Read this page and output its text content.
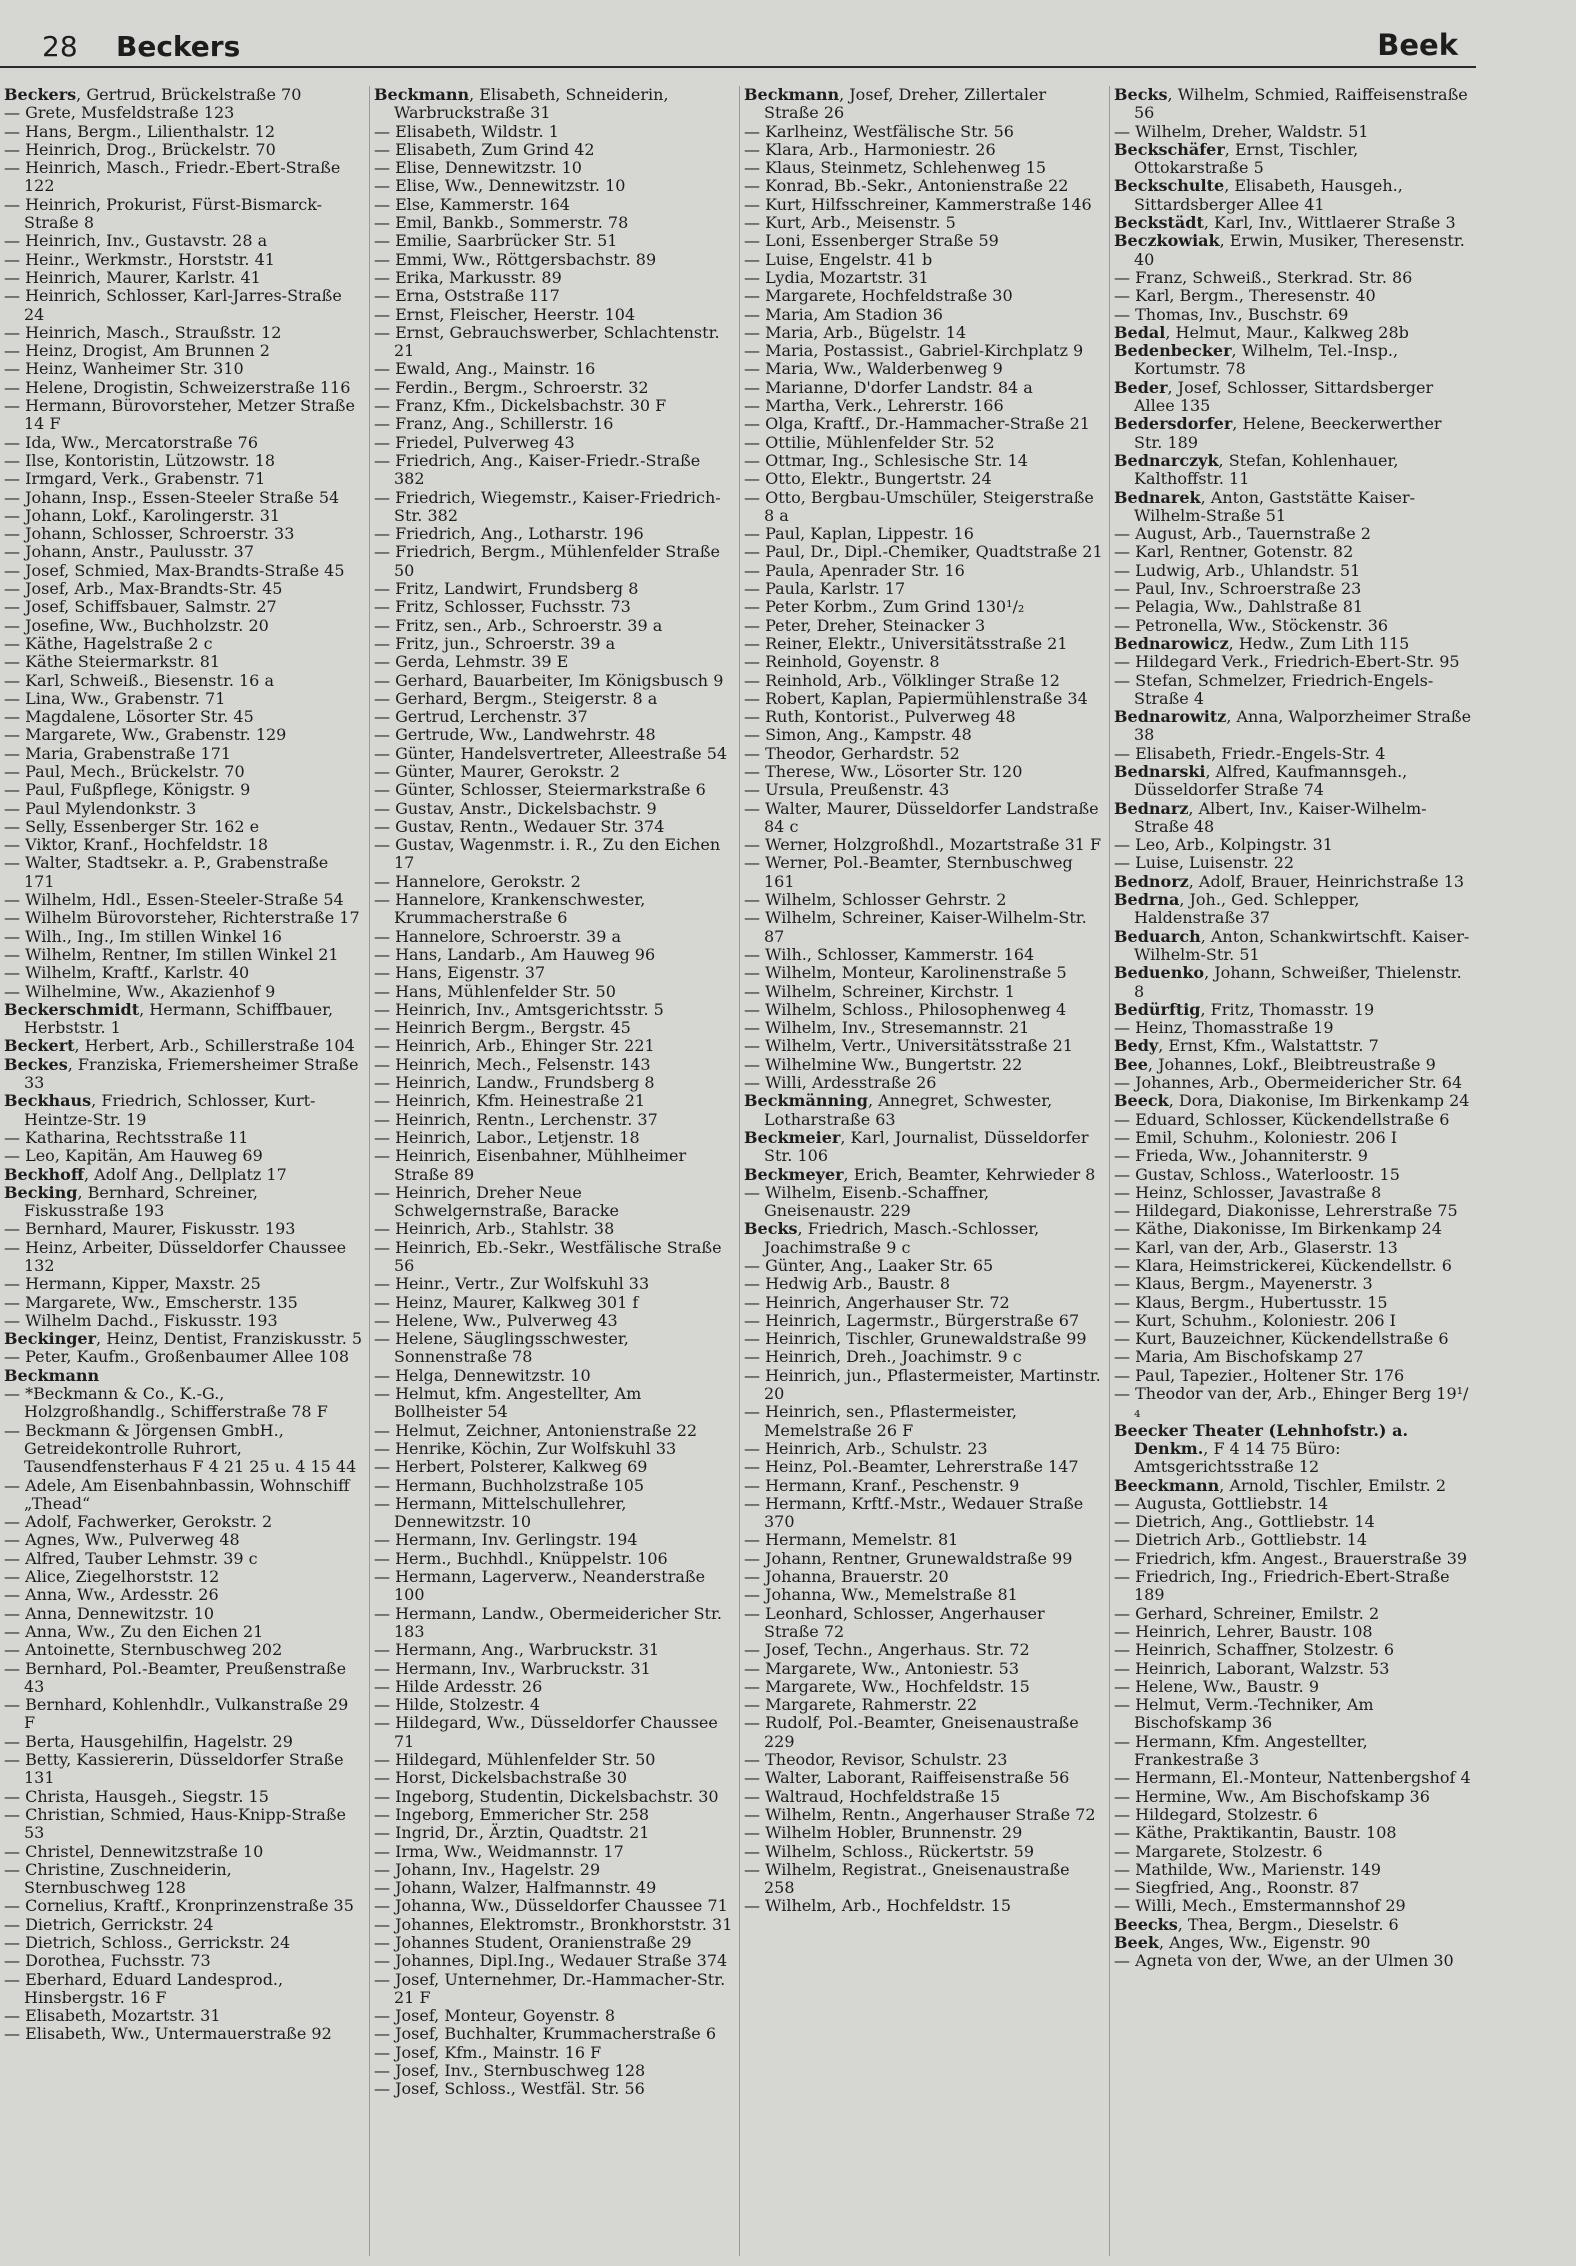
28 Beckers	Beek
Beckers, Gertrud, Brückelstraße 70
— Grete, Musfeldstraße 123
— Hans, Bergm., Lilienthalstr. 12
— Heinrich, Drog., Brückelstr. 70
— Heinrich, Masch., Friedr.-Ebert-Straße 122
— Heinrich, Prokurist, Fürst-Bismarck-Straße 8
— Heinrich, Inv., Gustavstr. 28 a
— Heinr., Werkmstr., Horststr. 41
— Heinrich, Maurer, Karlstr. 41
— Heinrich, Schlosser, Karl-Jarres-Straße 24
— Heinrich, Masch., Straußstr. 12
— Heinz, Drogist, Am Brunnen 2
— Heinz, Wanheimer Str. 310
— Helene, Drogistin, Schweizerstraße 116
— Hermann, Bürovorsteher, Metzer Straße 14 F
— Ida, Ww., Mercatorstraße 76
— Ilse, Kontoristin, Lützowstr. 18
— Irmgard, Verk., Grabenstr. 71
— Johann, Insp., Essen-Steeler Straße 54
— Johann, Lokf., Karolingerstr. 31
— Johann, Schlosser, Schroerstr. 33
— Johann, Anstr., Paulusstr. 37
— Josef, Schmied, Max-Brandts-Straße 45
— Josef, Arb., Max-Brandts-Str. 45
— Josef, Schiffsbauer, Salmstr. 27
— Josefine, Ww., Buchholzstr. 20
— Käthe, Hagelstraße 2 c
— Käthe Steiermarkstr. 81
— Karl, Schweiß., Biesenstr. 16 a
— Lina, Ww., Grabenstr. 71
— Magdalene, Lösorter Str. 45
— Margarete, Ww., Grabenstr. 129
— Maria, Grabenstraße 171
— Paul, Mech., Brückelstr. 70
— Paul, Fußpflege, Königstr. 9
— Paul Mylendonkstr. 3
— Selly, Essenberger Str. 162 e
— Viktor, Kranf., Hochfeldstr. 18
— Walter, Stadtsekr. a. P., Grabenstraße 171
— Wilhelm, Hdl., Essen-Steeler-Straße 54
— Wilhelm Bürovorsteher, Richterstraße 17
— Wilh., Ing., Im stillen Winkel 16
— Wilhelm, Rentner, Im stillen Winkel 21
— Wilhelm, Kraftf., Karlstr. 40
— Wilhelmine, Ww., Akazienhof 9
Beckerschmidt, Hermann, Schiffbauer, Herbststr. 1
Beckert, Herbert, Arb., Schillerstraße 104
Beckes, Franziska, Friemersheimer Straße 33
Beckhaus, Friedrich, Schlosser, Kurt-Heintze-Str. 19
— Katharina, Rechtsstraße 11
— Leo, Kapitän, Am Hauweg 69
Beckhoff, Adolf Ang., Dellplatz 17
Becking, Bernhard, Schreiner, Fiskusstraße 193
— Bernhard, Maurer, Fiskusstr. 193
— Heinz, Arbeiter, Düsseldorfer Chaussee 132
— Hermann, Kipper, Maxstr. 25
— Margarete, Ww., Emscherstr. 135
— Wilhelm Dachd., Fiskusstr. 193
Beckinger, Heinz, Dentist, Franziskusstr. 5
— Peter, Kaufm., Großenbaumer Allee 108
Beckmann
— *Beckmann & Co., K.-G., Holzgroßhandlg., Schifferstraße 78 F
— Beckmann & Jörgensen GmbH., Getreidekontrolle Ruhrort, Tausendfensterhaus F 4 21 25 u. 4 15 44
— Adele, Am Eisenbahnbassin, Wohnschiff „Thead“
— Adolf, Fachwerker, Gerokstr. 2
— Agnes, Ww., Pulverweg 48
— Alfred, Tauber Lehmstr. 39 c
— Alice, Ziegelhorststr. 12
— Anna, Ww., Ardesstr. 26
— Anna, Dennewitzstr. 10
— Anna, Ww., Zu den Eichen 21
— Antoinette, Sternbuschweg 202
— Bernhard, Pol.-Beamter, Preußenstraße 43
— Bernhard, Kohlenhdlr., Vulkanstraße 29 F
— Berta, Hausgehilfin, Hagelstr. 29
— Betty, Kassiererin, Düsseldorfer Straße 131
— Christa, Hausgeh., Siegstr. 15
— Christian, Schmied, Haus-Knipp-Straße 53
— Christel, Dennewitzstraße 10
— Christine, Zuschneiderin, Sternbuschweg 128
— Cornelius, Kraftf., Kronprinzenstraße 35
— Dietrich, Gerrickstr. 24
— Dietrich, Schloss., Gerrickstr. 24
— Dorothea, Fuchsstr. 73
— Eberhard, Eduard Landesprod., Hinsbergstr. 16 F
— Elisabeth, Mozartstr. 31
— Elisabeth, Ww., Untermauerstraße 92
Beckmann, Elisabeth, Schneiderin, Warbruckstraße 31
— Elisabeth, Wildstr. 1
— Elisabeth, Zum Grind 42
— Elise, Dennewitzstr. 10
— Elise, Ww., Dennewitzstr. 10
— Else, Kammerstr. 164
— Emil, Bankb., Sommerstr. 78
— Emilie, Saarbrücker Str. 51
— Emmi, Ww., Röttgersbachstr. 89
— Erika, Markusstr. 89
— Erna, Oststraße 117
— Ernst, Fleischer, Heerstr. 104
— Ernst, Gebrauchswerber, Schlachtenstr. 21
— Ewald, Ang., Mainstr. 16
— Ferdin., Bergm., Schroerstr. 32
— Franz, Kfm., Dickelsbachstr. 30 F
— Franz, Ang., Schillerstr. 16
— Friedel, Pulverweg 43
— Friedrich, Ang., Kaiser-Friedr.-Straße 382
— Friedrich, Wiegemstr., Kaiser-Friedrich-Str. 382
— Friedrich, Ang., Lotharstr. 196
— Friedrich, Bergm., Mühlenfelder Straße 50
— Fritz, Landwirt, Frundsberg 8
— Fritz, Schlosser, Fuchsstr. 73
— Fritz, sen., Arb., Schroerstr. 39 a
— Fritz, jun., Schroerstr. 39 a
— Gerda, Lehmstr. 39 E
— Gerhard, Bauarbeiter, Im Königsbusch 9
— Gerhard, Bergm., Steigerstr. 8 a
— Gertrud, Lerchenstr. 37
— Gertrude, Ww., Landwehrstr. 48
— Günter, Handelsvertreter, Alleestraße 54
— Günter, Maurer, Gerokstr. 2
— Günter, Schlosser, Steiermarkstraße 6
— Gustav, Anstr., Dickelsbachstr. 9
— Gustav, Rentn., Wedauer Str. 374
— Gustav, Wagenmstr. i. R., Zu den Eichen 17
— Hannelore, Gerokstr. 2
— Hannelore, Krankenschwester, Krummacherstraße 6
— Hannelore, Schroerstr. 39 a
— Hans, Landarb., Am Hauweg 96
— Hans, Eigenstr. 37
— Hans, Mühlenfelder Str. 50
— Heinrich, Inv., Amtsgerichtsstr. 5
— Heinrich Bergm., Bergstr. 45
— Heinrich, Arb., Ehinger Str. 221
— Heinrich, Mech., Felsenstr. 143
— Heinrich, Landw., Frundsberg 8
— Heinrich, Kfm. Heinestraße 21
— Heinrich, Rentn., Lerchenstr. 37
— Heinrich, Labor., Letjenstr. 18
— Heinrich, Eisenbahner, Mühlheimer Straße 89
— Heinrich, Dreher Neue Schwelgernstraße, Baracke
— Heinrich, Arb., Stahlstr. 38
— Heinrich, Eb.-Sekr., Westfälische Straße 56
— Heinr., Vertr., Zur Wolfskuhl 33
— Heinz, Maurer, Kalkweg 301 f
— Helene, Ww., Pulverweg 43
— Helene, Säuglingsschwester, Sonnenstraße 78
— Helga, Dennewitzstr. 10
— Helmut, kfm. Angestellter, Am Bollheister 54
— Helmut, Zeichner, Antonienstraße 22
— Henrike, Köchin, Zur Wolfskuhl 33
— Herbert, Polsterer, Kalkweg 69
— Hermann, Buchholzstraße 105
— Hermann, Mittelschullehrer, Dennewitzstr. 10
— Hermann, Inv. Gerlingstr. 194
— Herm., Buchhdl., Knüppelstr. 106
— Hermann, Lagerverw., Neanderstraße 100
— Hermann, Landw., Obermeidericher Str. 183
— Hermann, Ang., Warbruckstr. 31
— Hermann, Inv., Warbruckstr. 31
— Hilde Ardesstr. 26
— Hilde, Stolzestr. 4
— Hildegard, Ww., Düsseldorfer Chaussee 71
— Hildegard, Mühlenfelder Str. 50
— Horst, Dickelsbachstraße 30
— Ingeborg, Studentin, Dickelsbachstr. 30
— Ingeborg, Emmericher Str. 258
— Ingrid, Dr., Ärztin, Quadtstr. 21
— Irma, Ww., Weidmannstr. 17
— Johann, Inv., Hagelstr. 29
— Johann, Walzer, Halfmannstr. 49
— Johanna, Ww., Düsseldorfer Chaussee 71
— Johannes, Elektromstr., Bronkhorststr. 31
— Johannes Student, Oranienstraße 29
— Johannes, Dipl.Ing., Wedauer Straße 374
— Josef, Unternehmer, Dr.-Hammacher-Str. 21 F
— Josef, Monteur, Goyenstr. 8
— Josef, Buchhalter, Krummacherstraße 6
— Josef, Kfm., Mainstr. 16 F
— Josef, Inv., Sternbuschweg 128
— Josef, Schloss., Westfäl. Str. 56
Beckmann, Josef, Dreher, Zillertaler Straße 26
— Karlheinz, Westfälische Str. 56
— Klara, Arb., Harmoniestr. 26
— Klaus, Steinmetz, Schlehenweg 15
— Konrad, Bb.-Sekr., Antonienstraße 22
— Kurt, Hilfsschreiner, Kammerstraße 146
— Kurt, Arb., Meisenstr. 5
— Loni, Essenberger Straße 59
— Luise, Engelstr. 41 b
— Lydia, Mozartstr. 31
— Margarete, Hochfeldstraße 30
— Maria, Am Stadion 36
— Maria, Arb., Bügelstr. 14
— Maria, Postassist., Gabriel-Kirchplatz 9
— Maria, Ww., Walderbenweg 9
— Marianne, D'dorfer Landstr. 84 a
— Martha, Verk., Lehrerstr. 166
— Olga, Kraftf., Dr.-Hammacher-Straße 21
— Ottilie, Mühlenfelder Str. 52
— Ottmar, Ing., Schlesische Str. 14
— Otto, Elektr., Bungertstr. 24
— Otto, Bergbau-Umschüler, Steigerstraße 8 a
— Paul, Kaplan, Lippestr. 16
— Paul, Dr., Dipl.-Chemiker, Quadtstraße 21
— Paula, Apenrader Str. 16
— Paula, Karlstr. 17
— Peter Korbm., Zum Grind 130¹/₂
— Peter, Dreher, Steinacker 3
— Reiner, Elektr., Universitätsstraße 21
— Reinhold, Goyenstr. 8
— Reinhold, Arb., Völklinger Straße 12
— Robert, Kaplan, Papiermühlenstraße 34
— Ruth, Kontorist., Pulverweg 48
— Simon, Ang., Kampstr. 48
— Theodor, Gerhardstr. 52
— Therese, Ww., Lösorter Str. 120
— Ursula, Preußenstr. 43
— Walter, Maurer, Düsseldorfer Landstraße 84 c
— Werner, Holzgroßhdl., Mozartstraße 31 F
— Werner, Pol.-Beamter, Sternbuschweg 161
— Wilhelm, Schlosser Gehrstr. 2
— Wilhelm, Schreiner, Kaiser-Wilhelm-Str. 87
— Wilh., Schlosser, Kammerstr. 164
— Wilhelm, Monteur, Karolinenstraße 5
— Wilhelm, Schreiner, Kirchstr. 1
— Wilhelm, Schloss., Philosophenweg 4
— Wilhelm, Inv., Stresemannstr. 21
— Wilhelm, Vertr., Universitätsstraße 21
— Wilhelmine Ww., Bungertstr. 22
— Willi, Ardesstraße 26
Beckmänning, Annegret, Schwester, Lotharstraße 63
Beckmeier, Karl, Journalist, Düsseldorfer Str. 106
Beckmeyer, Erich, Beamter, Kehrwieder 8
— Wilhelm, Eisenb.-Schaffner, Gneisenaustr. 229
Becks, Friedrich, Masch.-Schlosser, Joachimstraße 9 c
— Günter, Ang., Laaker Str. 65
— Hedwig Arb., Baustr. 8
— Heinrich, Angerhauser Str. 72
— Heinrich, Lagermstr., Bürgerstraße 67
— Heinrich, Tischler, Grunewaldstraße 99
— Heinrich, Dreh., Joachimstr. 9 c
— Heinrich, jun., Pflastermeister, Martinstr. 20
— Heinrich, sen., Pflastermeister, Memelstraße 26 F
— Heinrich, Arb., Schulstr. 23
— Heinz, Pol.-Beamter, Lehrerstraße 147
— Hermann, Kranf., Peschenstr. 9
— Hermann, Krftf.-Mstr., Wedauer Straße 370
— Hermann, Memelstr. 81
— Johann, Rentner, Grunewaldstraße 99
— Johanna, Brauerstr. 20
— Johanna, Ww., Memelstraße 81
— Leonhard, Schlosser, Angerhauser Straße 72
— Josef, Techn., Angerhaus. Str. 72
— Margarete, Ww., Antoniestr. 53
— Margarete, Ww., Hochfeldstr. 15
— Margarete, Rahmerstr. 22
— Rudolf, Pol.-Beamter, Gneisenaustraße 229
— Theodor, Revisor, Schulstr. 23
— Walter, Laborant, Raiffeisenstraße 56
— Waltraud, Hochfeldstraße 15
— Wilhelm, Rentn., Angerhauser Straße 72
— Wilhelm Hobler, Brunnenstr. 29
— Wilhelm, Schloss., Rückertstr. 59
— Wilhelm, Registrat., Gneisenaustraße 258
— Wilhelm, Arb., Hochfeldstr. 15
Becks, Wilhelm, Schmied, Raiffeisenstraße 56
— Wilhelm, Dreher, Waldstr. 51
Beckschäfer, Ernst, Tischler, Ottokarstraße 5
Beckschulte, Elisabeth, Hausgeh., Sittardsberger Allee 41
Beckstädt, Karl, Inv., Wittlaerer Straße 3
Beczkowiak, Erwin, Musiker, Theresenstr. 40
— Franz, Schweiß., Sterkrad. Str. 86
— Karl, Bergm., Theresenstr. 40
— Thomas, Inv., Buschstr. 69
Bedal, Helmut, Maur., Kalkweg 28b
Bedenbecker, Wilhelm, Tel.-Insp., Kortumstr. 78
Beder, Josef, Schlosser, Sittardsberger Allee 135
Bedersdorfer, Helene, Beeckerwerther Str. 189
Bednarczyk, Stefan, Kohlenhauer, Kalthoffstr. 11
Bednarek, Anton, Gaststätte Kaiser-Wilhelm-Straße 51
— August, Arb., Tauernstraße 2
— Karl, Rentner, Gotenstr. 82
— Ludwig, Arb., Uhlandstr. 51
— Paul, Inv., Schroerstraße 23
— Pelagia, Ww., Dahlstraße 81
— Petronella, Ww., Stöckenstr. 36
Bednarowicz, Hedw., Zum Lith 115
— Hildegard Verk., Friedrich-Ebert-Str. 95
— Stefan, Schmelzer, Friedrich-Engels-Straße 4
Bednarowitz, Anna, Walporzheimer Straße 38
— Elisabeth, Friedr.-Engels-Str. 4
Bednarski, Alfred, Kaufmannsgeh., Düsseldorfer Straße 74
Bednarz, Albert, Inv., Kaiser-Wilhelm-Straße 48
— Leo, Arb., Kolpingstr. 31
— Luise, Luisenstr. 22
Bednorz, Adolf, Brauer, Heinrichstraße 13
Bedrna, Joh., Ged. Schlepper, Haldenstraße 37
Beduarch, Anton, Schankwirtschft. Kaiser-Wilhelm-Str. 51
Beduenko, Johann, Schweißer, Thielenstr. 8
Bedürftig, Fritz, Thomasstr. 19
— Heinz, Thomasstraße 19
Bedy, Ernst, Kfm., Walstattstr. 7
Bee, Johannes, Lokf., Bleibtreustraße 9
— Johannes, Arb., Obermeidericher Str. 64
Beeck, Dora, Diakonise, Im Birkenkamp 24
— Eduard, Schlosser, Kückendellstraße 6
— Emil, Schuhm., Koloniestr. 206 I
— Frieda, Ww., Johanniterstr. 9
— Gustav, Schloss., Waterloostr. 15
— Heinz, Schlosser, Javastraße 8
— Hildegard, Diakonisse, Lehrerstraße 75
— Käthe, Diakonisse, Im Birkenkamp 24
— Karl, van der, Arb., Glaserstr. 13
— Klara, Heimstrickerei, Kückendellstr. 6
— Klaus, Bergm., Mayenerstr. 3
— Klaus, Bergm., Hubertusstr. 15
— Kurt, Schuhm., Koloniestr. 206 I
— Kurt, Bauzeichner, Kückendellstraße 6
— Maria, Am Bischofskamp 27
— Paul, Tapezier., Holtener Str. 176
— Theodor van der, Arb., Ehinger Berg 19¹/₄
Beecker Theater (Lehnhofstr.) a. Denkm., F 4 14 75 Büro: Amtsgerichtsstraße 12
Beeckmann, Arnold, Tischler, Emilstr. 2
— Augusta, Gottliebstr. 14
— Dietrich, Ang., Gottliebstr. 14
— Dietrich Arb., Gottliebstr. 14
— Friedrich, kfm. Angest., Brauerstraße 39
— Friedrich, Ing., Friedrich-Ebert-Straße 189
— Gerhard, Schreiner, Emilstr. 2
— Heinrich, Lehrer, Baustr. 108
— Heinrich, Schaffner, Stolzestr. 6
— Heinrich, Laborant, Walzstr. 53
— Helene, Ww., Baustr. 9
— Helmut, Verm.-Techniker, Am Bischofskamp 36
— Hermann, Kfm. Angestellter, Frankestraße 3
— Hermann, El.-Monteur, Nattenbergshof 4
— Hermine, Ww., Am Bischofskamp 36
— Hildegard, Stolzestr. 6
— Käthe, Praktikantin, Baustr. 108
— Margarete, Stolzestr. 6
— Mathilde, Ww., Marienstr. 149
— Siegfried, Ang., Roonstr. 87
— Willi, Mech., Emstermannshof 29
Beecks, Thea, Bergm., Dieselstr. 6
Beek, Anges, Ww., Eigenstr. 90
— Agneta von der, Wwe, an der Ulmen 30
